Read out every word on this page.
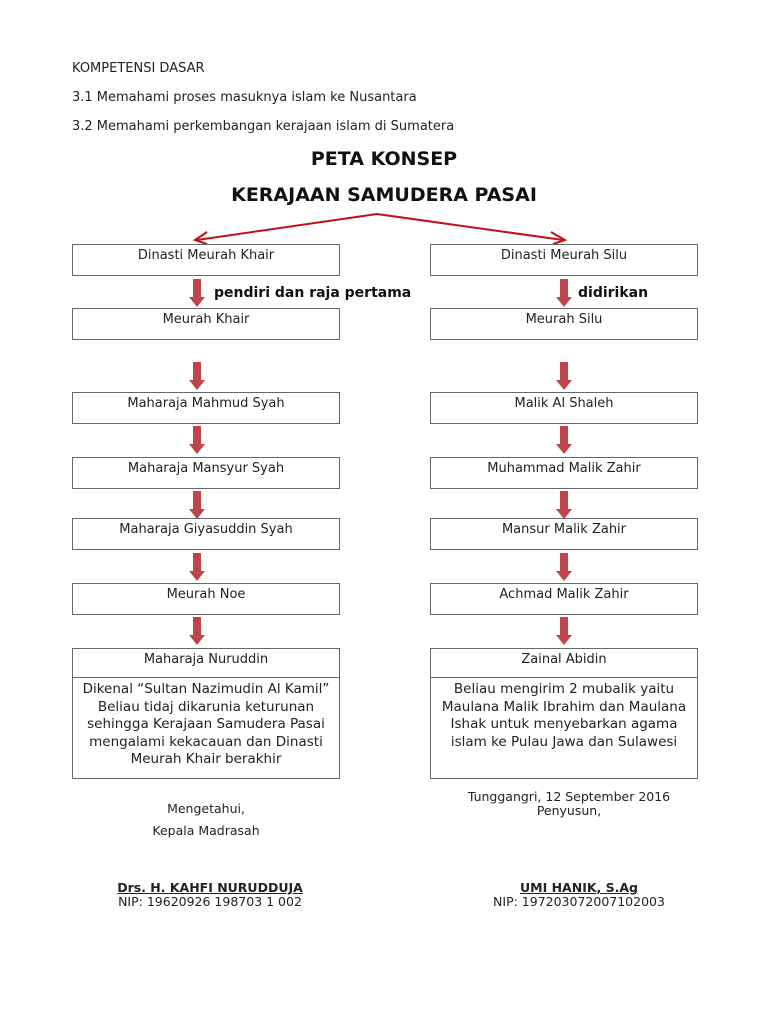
KOMPETENSI DASAR
3.1 Memahami proses masuknya islam ke Nusantara
3.2 Memahami perkembangan kerajaan islam di Sumatera
PETA KONSEP
KERAJAAN SAMUDERA PASAI
Dinasti Meurah Khair
pendiri dan raja pertama
Meurah Khair
Maharaja Mahmud Syah
Maharaja Mansyur Syah
Maharaja Giyasuddin Syah
Meurah Noe
Maharaja Nuruddin
Dikenal “Sultan Nazimudin Al Kamil” Beliau tidaj dikarunia keturunan sehingga Kerajaan Samudera Pasai mengalami kekacauan dan Dinasti Meurah Khair berakhir
Dinasti Meurah Silu
didirikan
Meurah Silu
Malik Al Shaleh
Muhammad Malik Zahir
Mansur Malik Zahir
Achmad Malik Zahir
Zainal Abidin
Beliau mengirim 2 mubalik yaitu Maulana Malik Ibrahim dan Maulana Ishak untuk menyebarkan agama islam ke Pulau Jawa dan Sulawesi
Mengetahui,
Kepala Madrasah
Drs. H. KAHFI NURUDDUJA
NIP: 19620926 198703 1 002
Tunggangri, 12 September 2016
Penyusun,
UMI HANIK, S.Ag
NIP: 197203072007102003
